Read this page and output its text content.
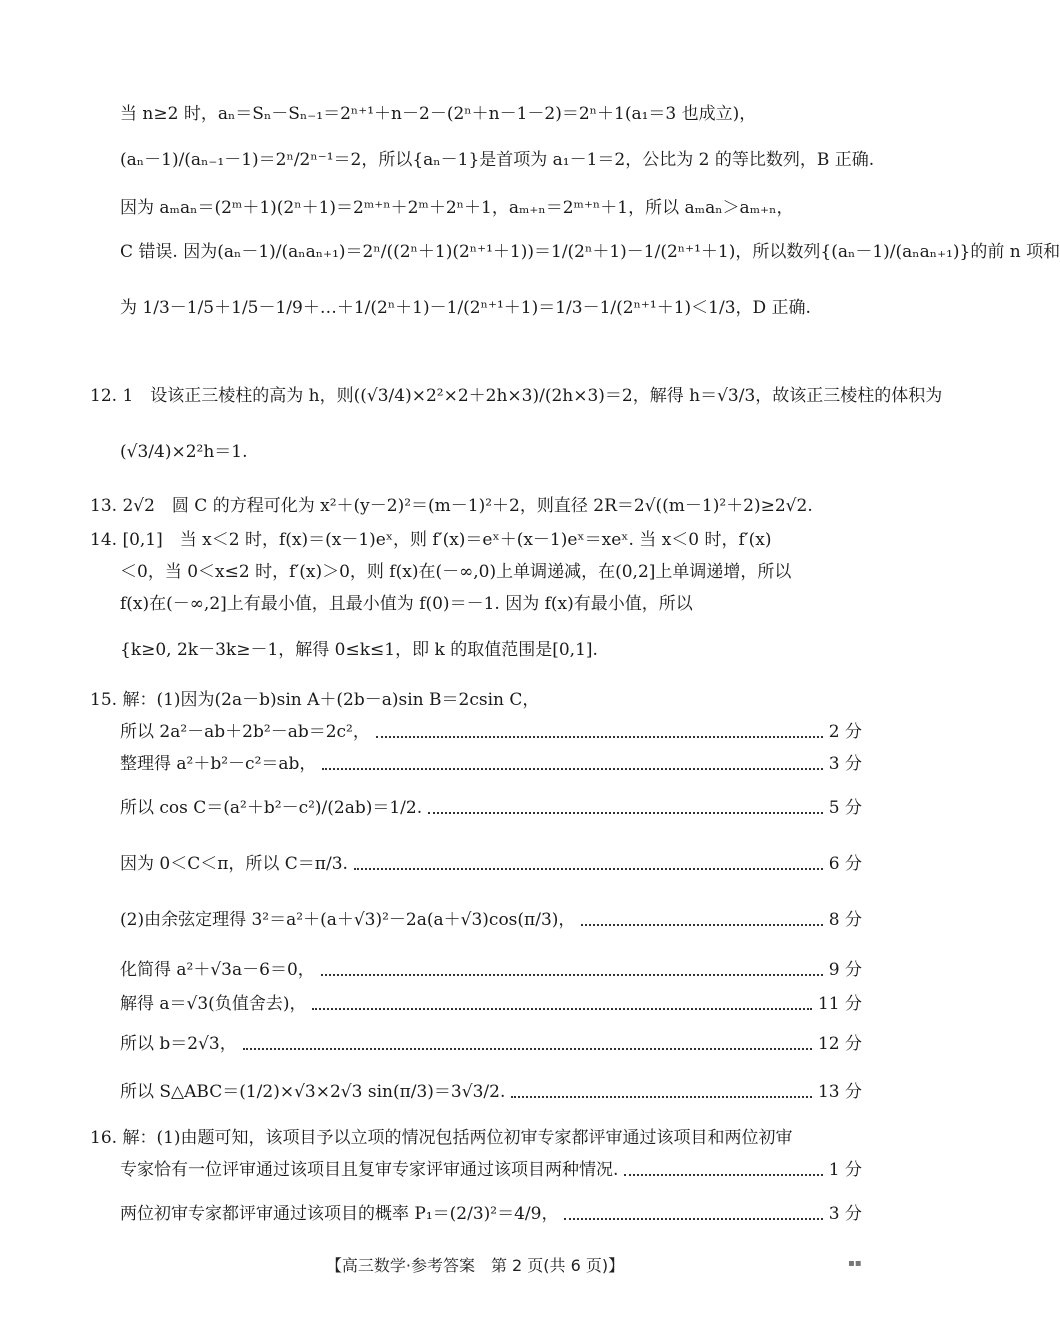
当 n≥2 时，aₙ＝Sₙ－Sₙ₋₁＝2ⁿ⁺¹＋n－2－(2ⁿ＋n－1－2)＝2ⁿ＋1(a₁＝3 也成立)，
(aₙ－1)/(aₙ₋₁－1)＝2ⁿ/2ⁿ⁻¹＝2，所以{aₙ－1}是首项为 a₁－1＝2，公比为 2 的等比数列，B 正确.
因为 aₘaₙ＝(2ᵐ＋1)(2ⁿ＋1)＝2ᵐ⁺ⁿ＋2ᵐ＋2ⁿ＋1，aₘ₊ₙ＝2ᵐ⁺ⁿ＋1，所以 aₘaₙ＞aₘ₊ₙ，
C 错误. 因为(aₙ－1)/(aₙaₙ₊₁)＝2ⁿ/((2ⁿ＋1)(2ⁿ⁺¹＋1))＝1/(2ⁿ＋1)－1/(2ⁿ⁺¹＋1)，所以数列{(aₙ－1)/(aₙaₙ₊₁)}的前 n 项和
为 1/3－1/5＋1/5－1/9＋…＋1/(2ⁿ＋1)－1/(2ⁿ⁺¹＋1)＝1/3－1/(2ⁿ⁺¹＋1)＜1/3，D 正确.
12. 1　设该正三棱柱的高为 h，则((√3/4)×2²×2＋2h×3)/(2h×3)＝2，解得 h＝√3/3，故该正三棱柱的体积为
(√3/4)×2²h＝1.
13. 2√2　圆 C 的方程可化为 x²＋(y－2)²＝(m－1)²＋2，则直径 2R＝2√((m－1)²＋2)≥2√2.
14. [0,1]　当 x＜2 时，f(x)＝(x－1)eˣ，则 f′(x)＝eˣ＋(x－1)eˣ＝xeˣ. 当 x＜0 时，f′(x)
＜0，当 0＜x≤2 时，f′(x)＞0，则 f(x)在(－∞,0)上单调递减，在(0,2]上单调递增，所以
f(x)在(－∞,2]上有最小值，且最小值为 f(0)＝－1. 因为 f(x)有最小值，所以
{k≥0, 2k－3k≥－1，解得 0≤k≤1，即 k 的取值范围是[0,1].
15. 解：(1)因为(2a－b)sin A＋(2b－a)sin B＝2csin C，
所以 2a²－ab＋2b²－ab＝2c²，	2 分
整理得 a²＋b²－c²＝ab，	3 分
所以 cos C＝(a²＋b²－c²)/(2ab)＝1/2.	5 分
因为 0＜C＜π，所以 C＝π/3.	6 分
(2)由余弦定理得 3²＝a²＋(a＋√3)²－2a(a＋√3)cos(π/3)，	8 分
化简得 a²＋√3a－6＝0，	9 分
解得 a＝√3(负值舍去)，	11 分
所以 b＝2√3，	12 分
所以 S△ABC＝(1/2)×√3×2√3 sin(π/3)＝3√3/2.	13 分
16. 解：(1)由题可知，该项目予以立项的情况包括两位初审专家都评审通过该项目和两位初审
专家恰有一位评审通过该项目且复审专家评审通过该项目两种情况.	1 分
两位初审专家都评审通过该项目的概率 P₁＝(2/3)²＝4/9，	3 分
【高三数学·参考答案　第 2 页(共 6 页)】	▪▪
